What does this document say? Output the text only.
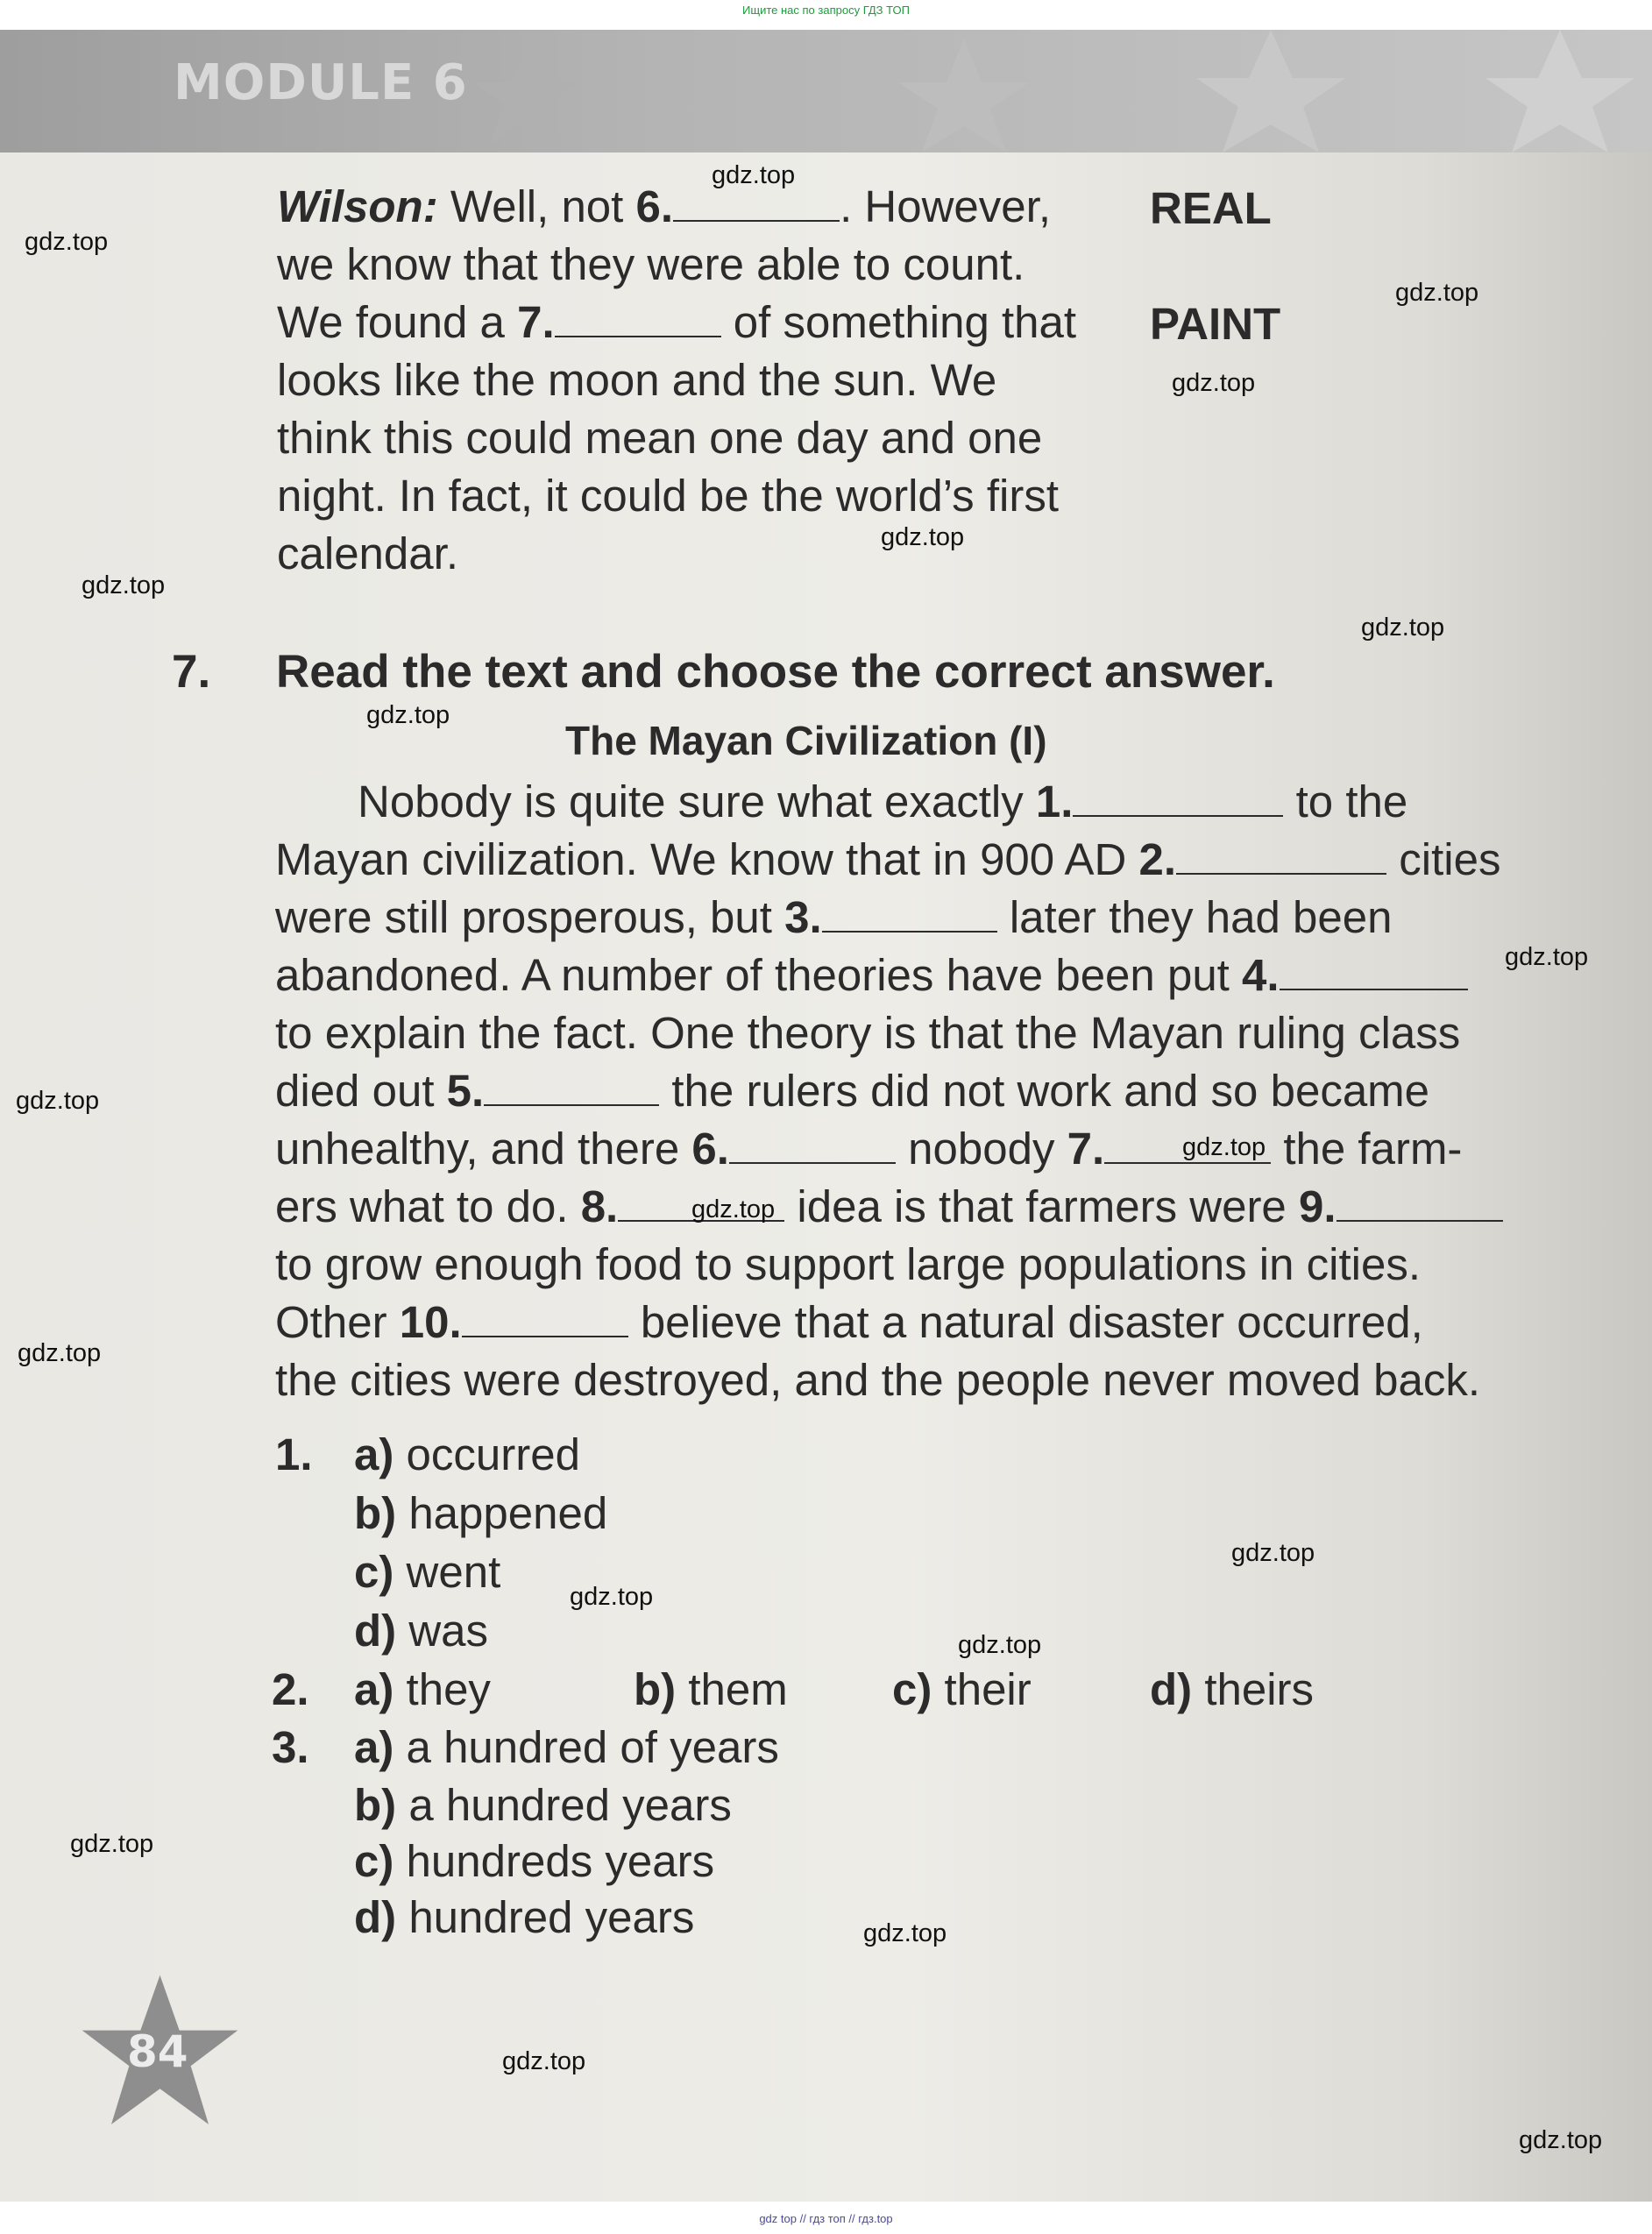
Ищите нас по запросу ГДЗ ТОП
MODULE 6
Wilson: Well, not 6.	. However, REAL
we know that they were able to count.
We found a 7.	of something that PAINT
looks like the moon and the sun. We
think this could mean one day and one
night. In fact, it could be the world’s first
calendar.
7. Read the text and choose the correct answer.
The Mayan Civilization (I)
Nobody is quite sure what exactly 1.	to the
Mayan civilization. We know that in 900 AD 2.	cities
were still prosperous, but 3.	later they had been
abandoned. A number of theories have been put 4.
to explain the fact. One theory is that the Mayan ruling class
died out 5.	the rulers did not work and so became
unhealthy, and there 6.	nobody 7.	the farm-
ers what to do. 8.	idea is that farmers were 9.
to grow enough food to support large populations in cities.
Other 10.	believe that a natural disaster occurred,
the cities were destroyed, and the people never moved back.
1. a) occurred
b) happened
c) went
d) was
2. a) they	b) them c) their	d) theirs
3. a) a hundred of years
b) a hundred years
c) hundreds years
d) hundred years
84
gdz.top
gdz.top
gdz.top
gdz.top
gdz.top
gdz.top
gdz.top
gdz.top
gdz.top
gdz.top
gdz.top
gdz.top
gdz.top
gdz.top
gdz.top
gdz.top
gdz.top
gdz.top
gdz.top
gdz.top
gdz top // гдз топ // гдз.top
